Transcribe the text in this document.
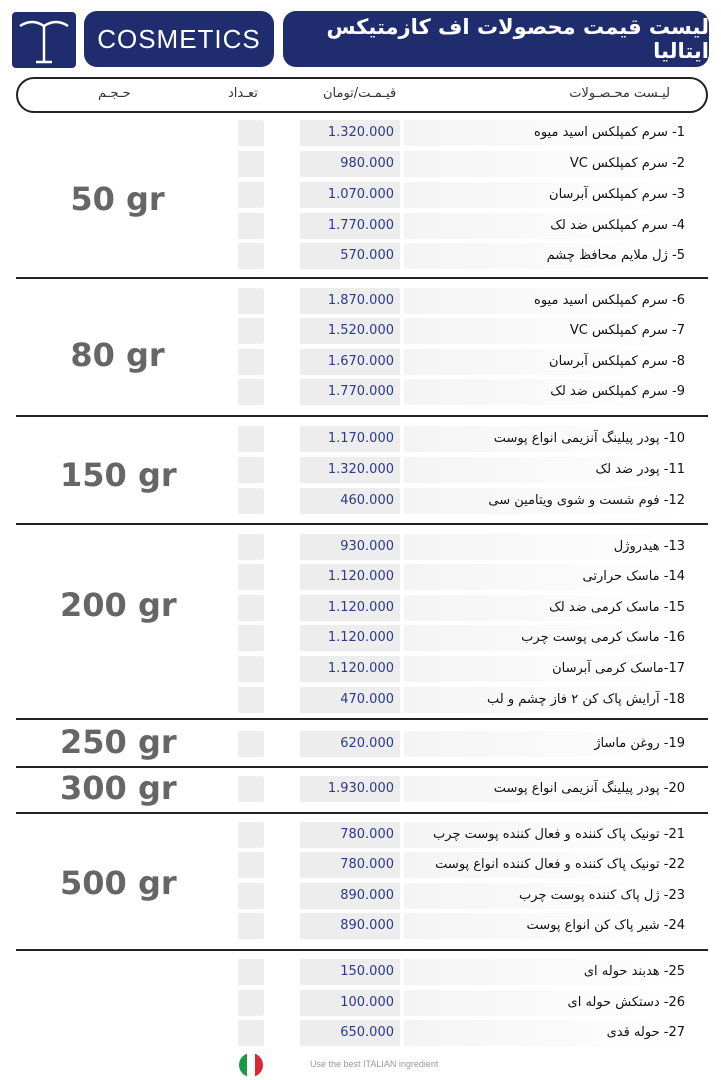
COSMETICS	لیست قیمت محصولات اف کازمتیکس ایتالیا
لیـست محـصـولات
قیـمـت/تومان
تعـداد
حـجـم
50 gr
1.320.000	1- سرم کمپلکس اسید میوه
980.000	2- سرم کمپلکس VC
1.070.000	3- سرم کمپلکس آبرسان
1.770.000	4- سرم کمپلکس ضد لک
570.000	5- ژل ملایم محافظ چشم
80 gr
1.870.000	6- سرم کمپلکس اسید میوه
1.520.000	7- سرم کمپلکس VC
1.670.000	8- سرم کمپلکس آبرسان
1.770.000	9- سرم کمپلکس ضد لک
150 gr
1.170.000	10- پودر پیلینگ آنزیمی انواع پوست
1.320.000	11- پودر ضد لک
460.000	12- فوم شست و شوی ویتامین سی
200 gr
930.000	13- هیدروژل
1.120.000	14- ماسک حرارتی
1.120.000	15- ماسک کرمی ضد لک
1.120.000	16- ماسک کرمی پوست چرب
1.120.000	17-ماسک کرمی آبرسان
470.000	18- آرایش پاک کن ۲ فاز چشم و لب
250 gr	620.000	19- روغن ماساژ
300 gr	1.930.000	20- پودر پیلینگ آنزیمی انواع پوست
500 gr
780.000	21- تونیک پاک کننده و فعال کننده پوست چرب
780.000	22- تونیک پاک کننده و فعال کننده انواع پوست
890.000	23- ژل پاک کننده پوست چرب
890.000	24- شیر پاک کن انواع پوست
150.000	25- هدبند حوله ای
100.000	26- دستکش حوله ای
650.000	27- حوله قدی
Use the best ITALIAN ingredient
